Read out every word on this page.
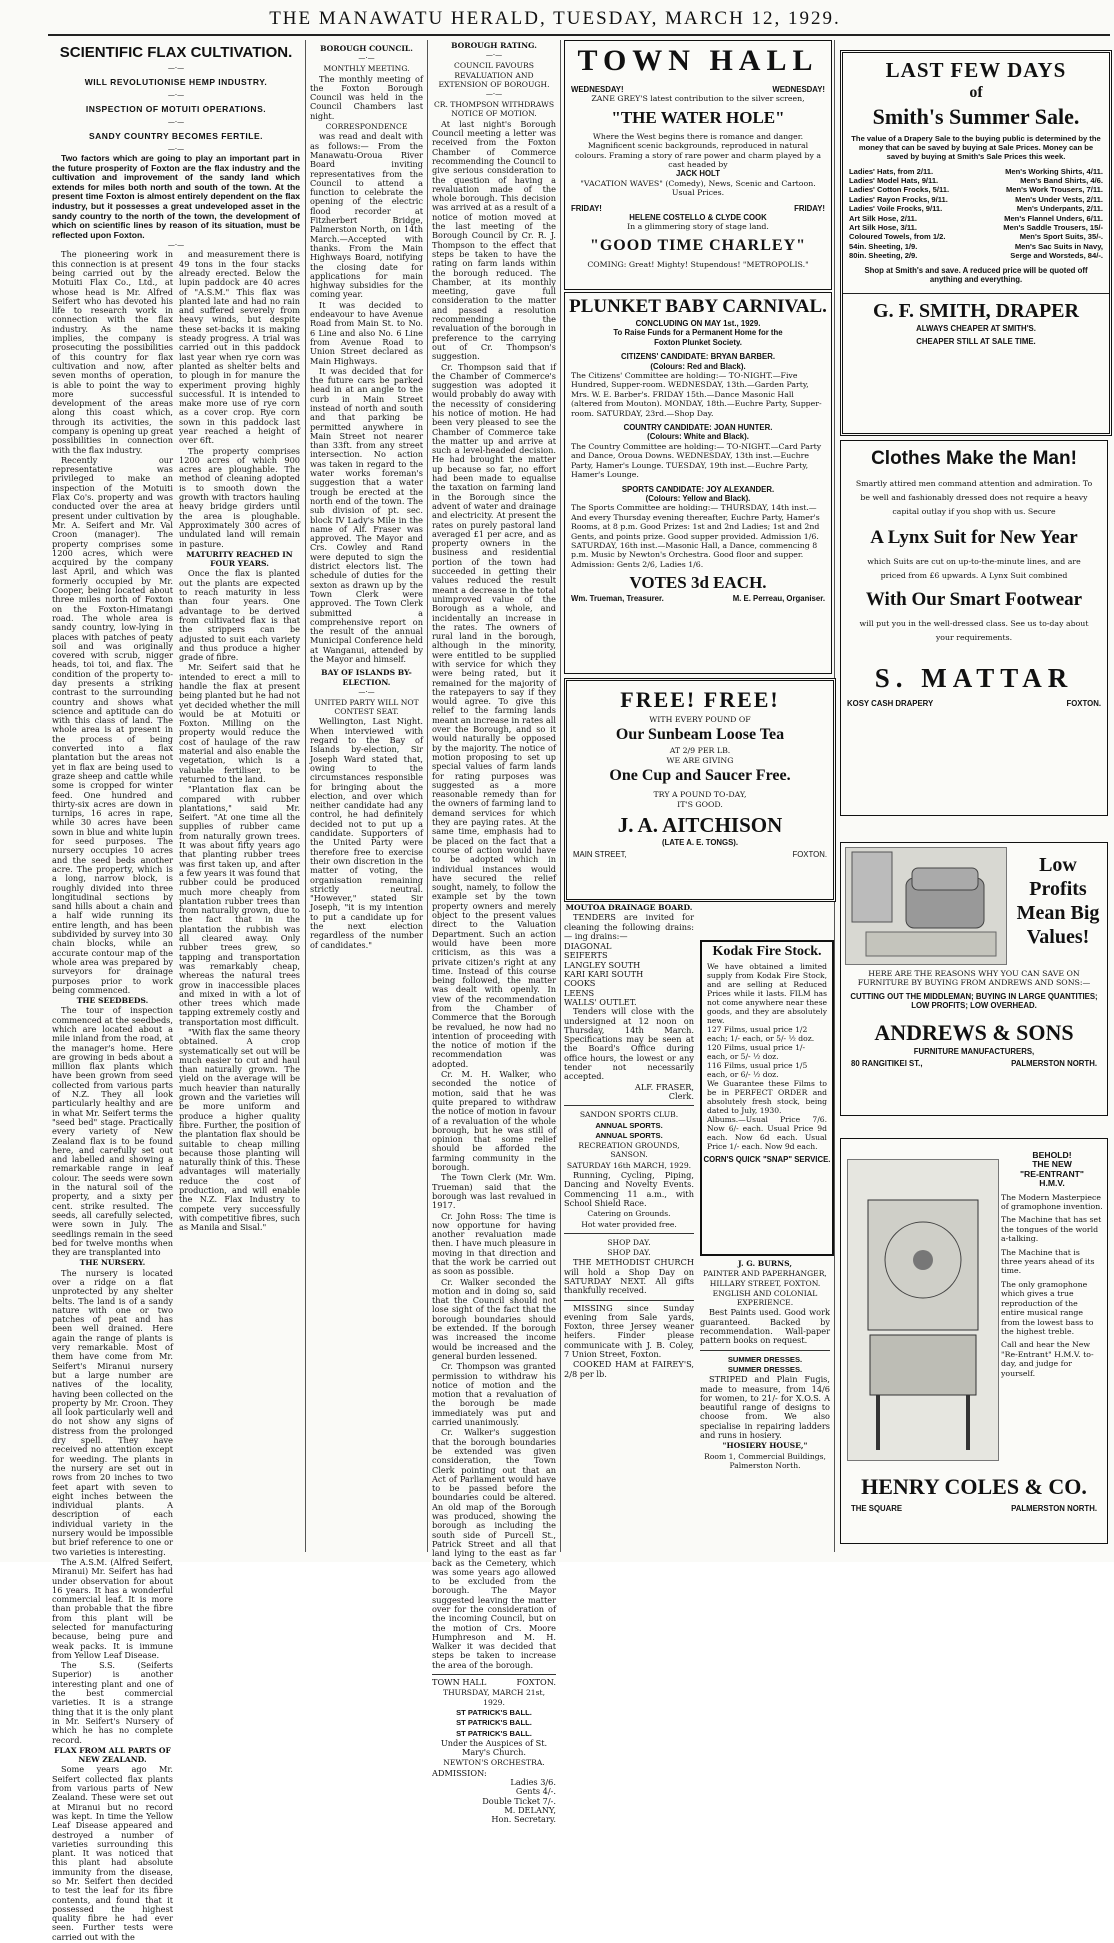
THE MANAWATU HERALD, TUESDAY, MARCH 12, 1929.
SCIENTIFIC FLAX CULTIVATION.
—·—
WILL REVOLUTIONISE HEMP INDUSTRY.
—·—
INSPECTION OF MOTUITI OPERATIONS.
—·—
SANDY COUNTRY BECOMES FERTILE.
—·—

Two factors which are going to play an important part in the future prosperity of Foxton are the flax industry and the cultivation and improvement of the sandy land which extends for miles both north and south of the town. At the present time Foxton is almost entirely dependent on the flax industry, but it possesses a great undeveloped asset in the sandy country to the north of the town, the development of which on scientific lines by reason of its situation, must be reflected upon Foxton.

—·—

The pioneering work in this connection is at present being carried out by the Motuiti Flax Co., Ltd., at whose head is Mr. Alfred Seifert who has devoted his life to research work in connection with the flax industry. As the name implies, the company is prosecuting the possibilities of this country for flax cultivation and now, after seven months of operation, is able to point the way to more successful development of the areas along this coast which, through its activities, the company is opening up great possibilities in connection with the flax industry.

Recently our representative was privileged to make an inspection of the Motuiti Flax Co's. property and was conducted over the area at present under cultivation by Mr. A. Seifert and Mr. Val Croon (manager). The property comprises some 1200 acres, which were acquired by the company last April, and which was formerly occupied by Mr. Cooper, being located about three miles north of Foxton on the Foxton-Himatangi road. The whole area is sandy country, low-lying in places with patches of peaty soil and was originally covered with scrub, nigger heads, toi toi, and flax. The condition of the property to-day presents a striking contrast to the surrounding country and shows what science and aptitude can do with this class of land. The whole area is at present in the process of being converted into a flax plantation but the areas not yet in flax are being used to graze sheep and cattle while some is cropped for winter feed. One hundred and thirty-six acres are down in turnips, 16 acres in rape, while 30 acres have been sown in blue and white lupin for seed purposes. The nursery occupies 10 acres and the seed beds another acre. The property, which is a long, narrow block, is roughly divided into three longitudinal sections by sand hills about a chain and a half wide running its entire length, and has been subdivided by survey into 30 chain blocks, while an accurate contour map of the whole area was prepared by surveyors for drainage purposes prior to work being commenced.

THE SEEDBEDS.

The tour of inspection commenced at the seedbeds, which are located about a mile inland from the road, at the manager's home. Here are growing in beds about a million flax plants which have been grown from seed collected from various parts of N.Z. They all look particularly healthy and are in what Mr. Seifert terms the "seed bed" stage. Practically every variety of New Zealand flax is to be found here, and carefully set out and labelled and showing a remarkable range in leaf colour. The seeds were sown in the natural soil of the property, and a sixty per cent. strike resulted. The seeds, all carefully selected, were sown in July. The seedlings remain in the seed bed for twelve months when they are transplanted into

THE NURSERY.

The nursery is located over a ridge on a flat unprotected by any shelter belts. The land is of a sandy nature with one or two patches of peat and has been well drained. Here again the range of plants is very remarkable. Most of them have come from Mr. Seifert's Miranui nursery but a large number are natives of the locality, having been collected on the property by Mr. Croon. They all look particularly well and do not show any signs of distress from the prolonged dry spell. They have received no attention except for weeding. The plants in the nursery are set out in rows from 20 inches to two feet apart with seven to eight inches between the individual plants. A description of each individual variety in the nursery would be impossible but brief reference to one or two varieties is interesting.

The A.S.M. (Alfred Seifert, Miranui) Mr. Seifert has had under observation for about 16 years. It has a wonderful commercial leaf. It is more than probable that the fibre from this plant will be selected for manufacturing because, being pure and weak packs. It is immune from Yellow Leaf Disease.

The S.S. (Seiferts Superior) is another interesting plant and one of the best commercial varieties. It is a strange thing that it is the only plant in Mr. Seifert's Nursery of which he has no complete record.

FLAX FROM ALL PARTS OF NEW ZEALAND.

Some years ago Mr. Seifert collected flax plants from various parts of New Zealand. These were set out at Miranui but no record was kept. In time the Yellow Leaf Disease appeared and destroyed a number of varieties surrounding this plant. It was noticed that this plant had absolute immunity from the disease, so Mr. Seifert then decided to test the leaf for its fibre contents, and found that it possessed the highest quality fibre he had ever seen. Further tests were carried out with the

and measurement there is 49 tons in the four stacks already erected. Below the lupin paddock are 40 acres of "A.S.M." This flax was planted late and had no rain and suffered severely from heavy winds, but despite these set-backs it is making steady progress. A trial was carried out in this paddock last year when rye corn was planted as shelter belts and to plough in for manure the experiment proving highly successful. It is intended to make more use of rye corn as a cover crop. Rye corn sown in this paddock last year reached a height of over 6ft.

The property comprises 1200 acres of which 900 acres are ploughable. The method of cleaning adopted is to smooth down the growth with tractors hauling heavy bridge girders until the area is ploughable. Approximately 300 acres of undulated land will remain in pasture.

MATURITY REACHED IN FOUR YEARS.

Once the flax is planted out the plants are expected to reach maturity in less than four years. One advantage to be derived from cultivated flax is that the strippers can be adjusted to suit each variety and thus produce a higher grade of fibre.

Mr. Seifert said that he intended to erect a mill to handle the flax at present being planted but he had not yet decided whether the mill would be at Motuiti or Foxton. Milling on the property would reduce the cost of haulage of the raw material and also enable the vegetation, which is a valuable fertiliser, to be returned to the land.

"Plantation flax can be compared with rubber plantations," said Mr. Seifert. "At one time all the supplies of rubber came from naturally grown trees. It was about fifty years ago that planting rubber trees was first taken up, and after a few years it was found that rubber could be produced much more cheaply from plantation rubber trees than from naturally grown, due to the fact that in the plantation the rubbish was all cleared away. Only rubber trees grew, so tapping and transportation was remarkably cheap, whereas the natural trees grow in inaccessible places and mixed in with a lot of other trees which made tapping extremely costly and transportation most difficult.

"With flax the same theory obtained. A crop systematically set out will be much easier to cut and haul than naturally grown. The yield on the average will be much heavier than naturally grown and the varieties will be more uniform and produce a higher quality fibre. Further, the position of the plantation flax should be suitable to cheap milling because those planting will naturally think of this. These advantages will materially reduce the cost of production, and will enable the N.Z. Flax Industry to compete very successfully with competitive fibres, such as Manila and Sisal."

BOROUGH COUNCIL.
—·—
MONTHLY MEETING.

The monthly meeting of the Foxton Borough Council was held in the Council Chambers last night.

CORRESPONDENCE

was read and dealt with as follows:— From the Manawatu-Oroua River Board inviting representatives from the Council to attend a function to celebrate the opening of the electric flood recorder at Fitzherbert Bridge, Palmerston North, on 14th March.—Accepted with thanks. From the Main Highways Board, notifying the closing date for applications for main highway subsidies for the coming year.

It was decided to endeavour to have Avenue Road from Main St. to No. 6 Line and also No. 6 Line from Avenue Road to Union Street declared as Main Highways.

It was decided that for the future cars be parked head in at an angle to the curb in Main Street instead of north and south and that parking be permitted anywhere in Main Street not nearer than 33ft. from any street intersection. No action was taken in regard to the water works foreman's suggestion that a water trough be erected at the north end of the town. The sub division of pt. sec. block IV Lady's Mile in the name of Alf. Fraser was approved. The Mayor and Crs. Cowley and Rand were deputed to sign the district electors list. The schedule of duties for the sexton as drawn up by the Town Clerk were approved. The Town Clerk submitted a comprehensive report on the result of the annual Municipal Conference held at Wanganui, attended by the Mayor and himself.

BAY OF ISLANDS BY-ELECTION.
—·—
UNITED PARTY WILL NOT CONTEST SEAT.

Wellington, Last Night. When interviewed with regard to the Bay of Islands by-election, Sir Joseph Ward stated that, owing to the circumstances responsible for bringing about the election, and over which neither candidate had any control, he had definitely decided not to put up a candidate. Supporters of the United Party were therefore free to exercise their own discretion in the matter of voting, the organisation remaining strictly neutral. "However," stated Sir Joseph, "it is my intention to put a candidate up for the next election regardless of the number of candidates."

BOROUGH RATING.
—·—
COUNCIL FAVOURS REVALUATION AND EXTENSION OF BOROUGH.
—·—
CR. THOMPSON WITHDRAWS NOTICE OF MOTION.

At last night's Borough Council meeting a letter was received from the Foxton Chamber of Commerce recommending the Council to give serious consideration to the question of having a revaluation made of the whole borough. This decision was arrived at as a result of a notice of motion moved at the last meeting of the Borough Council by Cr. R. J. Thompson to the effect that steps be taken to have the rating on farm lands within the borough reduced. The Chamber, at its monthly meeting, gave full consideration to the matter and passed a resolution recommending the revaluation of the borough in preference to the carrying out of Cr. Thompson's suggestion.

Cr. Thompson said that if the Chamber of Commerce's suggestion was adopted it would probably do away with the necessity of considering his notice of motion. He had been very pleased to see the Chamber of Commerce take the matter up and arrive at such a level-headed decision. He had brought the matter up because so far, no effort had been made to equalise the taxation on farming land in the Borough since the advent of water and drainage and electricity. At present the rates on purely pastoral land averaged £1 per acre, and as property owners in the business and residential portion of the town had succeeded in getting their values reduced the result meant a decrease in the total unimproved value of the Borough as a whole, and incidentally an increase in the rates. The owners of rural land in the borough, although in the minority, were entitled to be supplied with service for which they were being rated, but it remained for the majority of the ratepayers to say if they would agree. To give this relief to the farming lands meant an increase in rates all over the Borough, and so it would naturally be opposed by the majority. The notice of motion proposing to set up special values of farm lands for rating purposes was suggested as a more reasonable remedy than for the owners of farming land to demand services for which they are paying rates. At the same time, emphasis had to be placed on the fact that a course of action would have to be adopted which in individual instances would have secured the relief sought, namely, to follow the example set by the town property owners and merely object to the present values direct to the Valuation Department. Such an action would have been more criticism, as this was a private citizen's right at any time. Instead of this course being followed, the matter was dealt with openly. In view of the recommendation from the Chamber of Commerce that the Borough be revalued, he now had no intention of proceeding with the notice of motion if the recommendation was adopted.

Cr. M. H. Walker, who seconded the notice of motion, said that he was quite prepared to withdraw the notice of motion in favour of a revaluation of the whole borough, but he was still of opinion that some relief should be afforded the farming community in the borough.

The Town Clerk (Mr. Wm. Trueman) said that the borough was last revalued in 1917.

Cr. John Ross: The time is now opportune for having another revaluation made then. I have much pleasure in moving in that direction and that the work be carried out as soon as possible.

Cr. Walker seconded the motion and in doing so, said that the Council should not lose sight of the fact that the borough boundaries should be extended. If the borough was increased the income would be increased and the general burden lessened.

Cr. Thompson was granted permission to withdraw his notice of motion and the motion that a revaluation of the borough be made immediately was put and carried unanimously.

Cr. Walker's suggestion that the borough boundaries be extended was given consideration, the Town Clerk pointing out that an Act of Parliament would have to be passed before the boundaries could be altered. An old map of the Borough was produced, showing the borough as including the south side of Purcell St., Patrick Street and all that land lying to the east as far back as the Cemetery, which was some years ago allowed to be excluded from the borough. The Mayor suggested leaving the matter over for the consideration of the incoming Council, but on the motion of Crs. Moore Humphreson and M. H. Walker it was decided that steps be taken to increase the area of the borough.

TOWN HALL	FOXTON.
THURSDAY, MARCH 21st, 1929.
ST PATRICK'S BALL.
ST PATRICK'S BALL.
ST PATRICK'S BALL.
Under the Auspices of St. Mary's Church.
NEWTON'S ORCHESTRA.
ADMISSION:
Ladies 3/6.
Gents 4/-.
Double Ticket 7/-.
M. DELANY,
Hon. Secretary.
TOWN HALL
WEDNESDAY!	WEDNESDAY!
ZANE GREY'S latest contribution to the silver screen,
"THE WATER HOLE"
Where the West begins there is romance and danger. Magnificent scenic backgrounds, reproduced in natural colours. Framing a story of rare power and charm played by a cast headed by
JACK HOLT
"VACATION WAVES" (Comedy), News, Scenic and Cartoon.
Usual Prices.
FRIDAY!	FRIDAY!
HELENE COSTELLO & CLYDE COOK
In a glimmering story of stage land.
"GOOD TIME CHARLEY"
COMING: Great! Mighty! Stupendous! "METROPOLIS."
PLUNKET BABY CARNIVAL.
CONCLUDING ON MAY 1st., 1929.
To Raise Funds for a Permanent Home for the
Foxton Plunket Society.
CITIZENS' CANDIDATE: BRYAN BARBER.
(Colours: Red and Black).
The Citizens' Committee are holding:— TO-NIGHT.—Five Hundred, Supper-room. WEDNESDAY, 13th.—Garden Party, Mrs. W. E. Barber's. FRIDAY 15th.—Dance Masonic Hall (altered from Mouton). MONDAY, 18th.—Euchre Party, Supper-room. SATURDAY, 23rd.—Shop Day.
COUNTRY CANDIDATE: JOAN HUNTER.
(Colours: White and Black).
The Country Committee are holding:— TO-NIGHT.—Card Party and Dance, Oroua Downs. WEDNESDAY, 13th inst.—Euchre Party, Hamer's Lounge. TUESDAY, 19th inst.—Euchre Party, Hamer's Lounge.
SPORTS CANDIDATE: JOY ALEXANDER.
(Colours: Yellow and Black).
The Sports Committee are holding:— THURSDAY, 14th inst.—And every Thursday evening thereafter, Euchre Party, Hamer's Rooms, at 8 p.m. Good Prizes: 1st and 2nd Ladies; 1st and 2nd Gents, and points prize. Good supper provided. Admission 1/6. SATURDAY, 16th inst.—Masonic Hall, a Dance, commencing 8 p.m. Music by Newton's Orchestra. Good floor and supper. Admission: Gents 2/6, Ladies 1/6.
VOTES 3d EACH.
Wm. Trueman, Treasurer.	M. E. Perreau, Organiser.
FREE! FREE!
WITH EVERY POUND OF
Our Sunbeam Loose Tea
AT 2/9 PER LB.
WE ARE GIVING
One Cup and Saucer Free.
TRY A POUND TO-DAY,
IT'S GOOD.
J. A. AITCHISON
(LATE A. E. TONGS).
MAIN STREET,	FOXTON.
MOUTOA DRAINAGE BOARD.

TENDERS are invited for cleaning the following drains:— ing drains:—

DIAGONAL
SEIFERTS
LANGLEY SOUTH
KARI KARI SOUTH
COOKS
LEENS
WALLS' OUTLET.

Tenders will close with the undersigned at 12 noon on Thursday, 14th March. Specifications may be seen at the Board's Office during office hours, the lowest or any tender not necessarily accepted.

ALF. FRASER,
Clerk.
SANDON SPORTS CLUB.
ANNUAL SPORTS.
ANNUAL SPORTS.
RECREATION GROUNDS, SANSON.
SATURDAY 16th MARCH, 1929.

Running, Cycling, Piping, Dancing and Novelty Events. Commencing 11 a.m., with School Shield Race.

Catering on Grounds.
Hot water provided free.
SHOP DAY.
SHOP DAY.

THE METHODIST CHURCH will hold a Shop Day on SATURDAY NEXT. All gifts thankfully received.

MISSING since Sunday evening from Sale yards, Foxton, three Jersey weaner heifers. Finder please communicate with J. B. Coley, 7 Union Street, Foxton.

COOKED HAM at FAIREY'S, 2/8 per lb.

Kodak Fire Stock.
We have obtained a limited supply from Kodak Fire Stock, and are selling at Reduced Prices while it lasts. FILM has not come anywhere near these goods, and they are absolutely new.
127 Films, usual price 1/2 each; 1/- each, or 5/- ½ doz.
120 Films, usual price 1/- each, or 5/- ½ doz.
116 Films, usual price 1/5 each, or 6/- ½ doz.
We Guarantee these Films to be in PERFECT ORDER and absolutely fresh stock, being dated to July, 1930.
Albums.—Usual Price 7/6. Now 6/- each. Usual Price 9d each. Now 6d each. Usual Price 1/- each. Now 9d each.
CORN'S QUICK "SNAP" SERVICE.
J. G. BURNS,
PAINTER AND PAPERHANGER, HILLARY STREET, FOXTON.
ENGLISH AND COLONIAL EXPERIENCE.

Best Paints used. Good work guaranteed. Backed by recommendation. Wall-paper pattern books on request.

SUMMER DRESSES.
SUMMER DRESSES.

STRIPED and Plain Fugis, made to measure, from 14/6 for women, to 21/- for X.O.S. A beautiful range of designs to choose from. We also specialise in repairing ladders and runs in hosiery.

"HOSIERY HOUSE,"
Room 1, Commercial Buildings, Palmerston North.
LAST FEW DAYS
of
Smith's Summer Sale.
The value of a Drapery Sale to the buying public is determined by the money that can be saved by buying at Sale Prices. Money can be saved by buying at Smith's Sale Prices this week.
Ladies' Hats, from 2/11.
Ladies' Model Hats, 9/11.
Ladies' Cotton Frocks, 5/11.
Ladies' Rayon Frocks, 9/11.
Ladies' Voile Frocks, 9/11.
Art Silk Hose, 2/11.
Art Silk Hose, 3/11.
Coloured Towels, from 1/2.
54in. Sheeting, 1/9.
80in. Sheeting, 2/9.
Men's Working Shirts, 4/11.
Men's Band Shirts, 4/6.
Men's Work Trousers, 7/11.
Men's Under Vests, 2/11.
Men's Underpants, 2/11.
Men's Flannel Unders, 6/11.
Men's Saddle Trousers, 15/-
Men's Sport Suits, 35/-.
Men's Sac Suits in Navy,
Serge and Worsteds, 84/-.
Shop at Smith's and save. A reduced price will be quoted off anything and everything.
G. F. SMITH, DRAPER
ALWAYS CHEAPER AT SMITH'S.
CHEAPER STILL AT SALE TIME.
Clothes Make the Man!
Smartly attired men command attention and admiration. To be well and fashionably dressed does not require a heavy capital outlay if you shop with us. Secure
A Lynx Suit for New Year
which Suits are cut on up-to-the-minute lines, and are priced from £6 upwards. A Lynx Suit combined
With Our Smart Footwear
will put you in the well-dressed class. See us to-day about your requirements.
S. MATTAR
KOSY CASH DRAPERY	FOXTON.
Low
Profits
Mean Big
Values!
HERE ARE THE REASONS WHY YOU CAN SAVE ON FURNITURE BY BUYING FROM ANDREWS AND SONS:—
CUTTING OUT THE MIDDLEMAN; BUYING IN LARGE QUANTITIES; LOW PROFITS; LOW OVERHEAD.
ANDREWS & SONS
FURNITURE MANUFACTURERS,
80 RANGITIKEI ST.,	PALMERSTON NORTH.
BEHOLD!
THE NEW
"RE-ENTRANT"
H.M.V.
The Modern Masterpiece of gramophone invention.
The Machine that has set the tongues of the world a-talking.
The Machine that is three years ahead of its time.
The only gramophone which gives a true reproduction of the entire musical range from the lowest bass to the highest treble.
Call and hear the New "Re-Entrant" H.M.V. to-day, and judge for yourself.
HENRY COLES & CO.
THE SQUARE	PALMERSTON NORTH.
